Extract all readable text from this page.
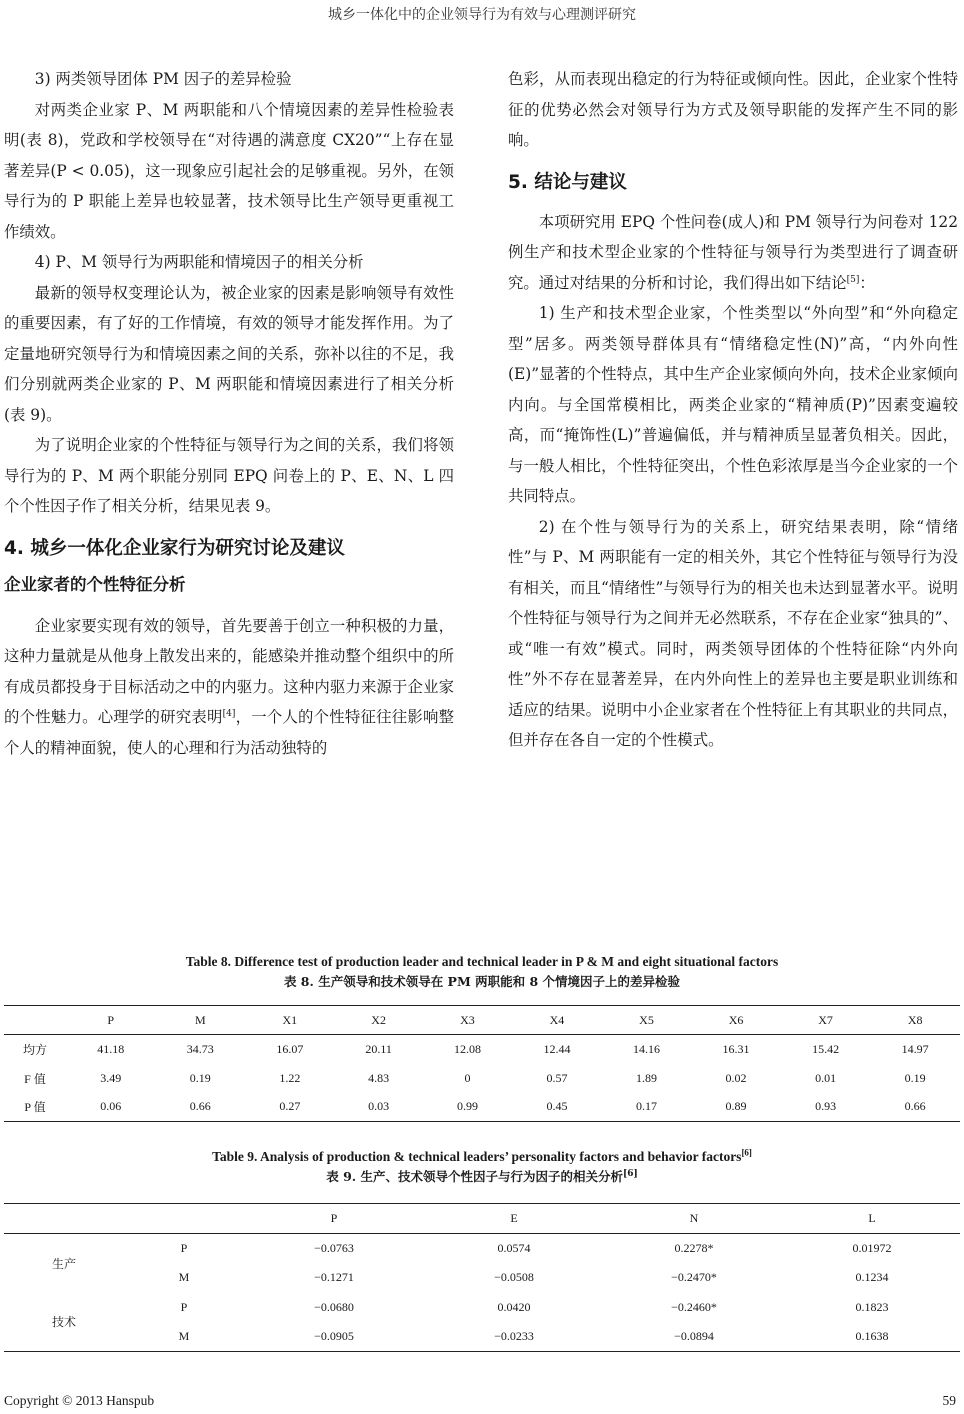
城乡一体化中的企业领导行为有效与心理测评研究

3) 两类领导团体 PM 因子的差异检验

对两类企业家 P、M 两职能和八个情境因素的差异性检验表明(表 8)，党政和学校领导在“对待遇的满意度 CX20”“上存在显著差异(P < 0.05)，这一现象应引起社会的足够重视。另外，在领导行为的 P 职能上差异也较显著，技术领导比生产领导更重视工作绩效。

4) P、M 领导行为两职能和情境因子的相关分析

最新的领导权变理论认为，被企业家的因素是影响领导有效性的重要因素，有了好的工作情境，有效的领导才能发挥作用。为了定量地研究领导行为和情境因素之间的关系，弥补以往的不足，我们分别就两类企业家的 P、M 两职能和情境因素进行了相关分析(表 9)。

为了说明企业家的个性特征与领导行为之间的关系，我们将领导行为的 P、M 两个职能分别同 EPQ 问卷上的 P、E、N、L 四个个性因子作了相关分析，结果见表 9。

4. 城乡一体化企业家行为研究讨论及建议
企业家者的个性特征分析

企业家要实现有效的领导，首先要善于创立一种积极的力量，这种力量就是从他身上散发出来的，能感染并推动整个组织中的所有成员都投身于目标活动之中的内驱力。这种内驱力来源于企业家的个性魅力。心理学的研究表明[4]，一个人的个性特征往往影响整个人的精神面貌，使人的心理和行为活动独特的

色彩，从而表现出稳定的行为特征或倾向性。因此，企业家个性特征的优势必然会对领导行为方式及领导职能的发挥产生不同的影响。

5. 结论与建议

本项研究用 EPQ 个性问卷(成人)和 PM 领导行为问卷对 122 例生产和技术型企业家的个性特征与领导行为类型进行了调查研究。通过对结果的分析和讨论，我们得出如下结论[5]：

1) 生产和技术型企业家，个性类型以“外向型”和“外向稳定型”居多。两类领导群体具有“情绪稳定性(N)”高，“内外向性(E)”显著的个性特点，其中生产企业家倾向外向，技术企业家倾向内向。与全国常模相比，两类企业家的“精神质(P)”因素变遍较高，而“掩饰性(L)”普遍偏低，并与精神质呈显著负相关。因此，与一般人相比，个性特征突出，个性色彩浓厚是当今企业家的一个共同特点。

2) 在个性与领导行为的关系上，研究结果表明，除“情绪性”与 P、M 两职能有一定的相关外，其它个性特征与领导行为没有相关，而且“情绪性”与领导行为的相关也未达到显著水平。说明个性特征与领导行为之间并无必然联系，不存在企业家“独具的”、或“唯一有效”模式。同时，两类领导团体的个性特征除“内外向性”外不存在显著差异，在内外向性上的差异也主要是职业训练和适应的结果。说明中小企业家者在个性特征上有其职业的共同点，但并存在各自一定的个性模式。

Table 8. Difference test of production leader and technical leader in P & M and eight situational factors
表 8. 生产领导和技术领导在 PM 两职能和 8 个情境因子上的差异检验
	P	M	X1	X2	X3	X4	X5	X6	X7	X8
均方	41.18	34.73	16.07	20.11	12.08	12.44	14.16	16.31	15.42	14.97
F 值	3.49	0.19	1.22	4.83	0	0.57	1.89	0.02	0.01	0.19
P 值	0.06	0.66	0.27	0.03	0.99	0.45	0.17	0.89	0.93	0.66
Table 9. Analysis of production & technical leaders’ personality factors and behavior factors[6]
表 9. 生产、技术领导个性因子与行为因子的相关分析[6]
		P	E	N	L
生产	P	−0.0763	0.0574	0.2278*	0.01972
	M	−0.1271	−0.0508	−0.2470*	0.1234
技术	P	−0.0680	0.0420	−0.2460*	0.1823
	M	−0.0905	−0.0233	−0.0894	0.1638
Copyright © 2013 Hanspub	59
